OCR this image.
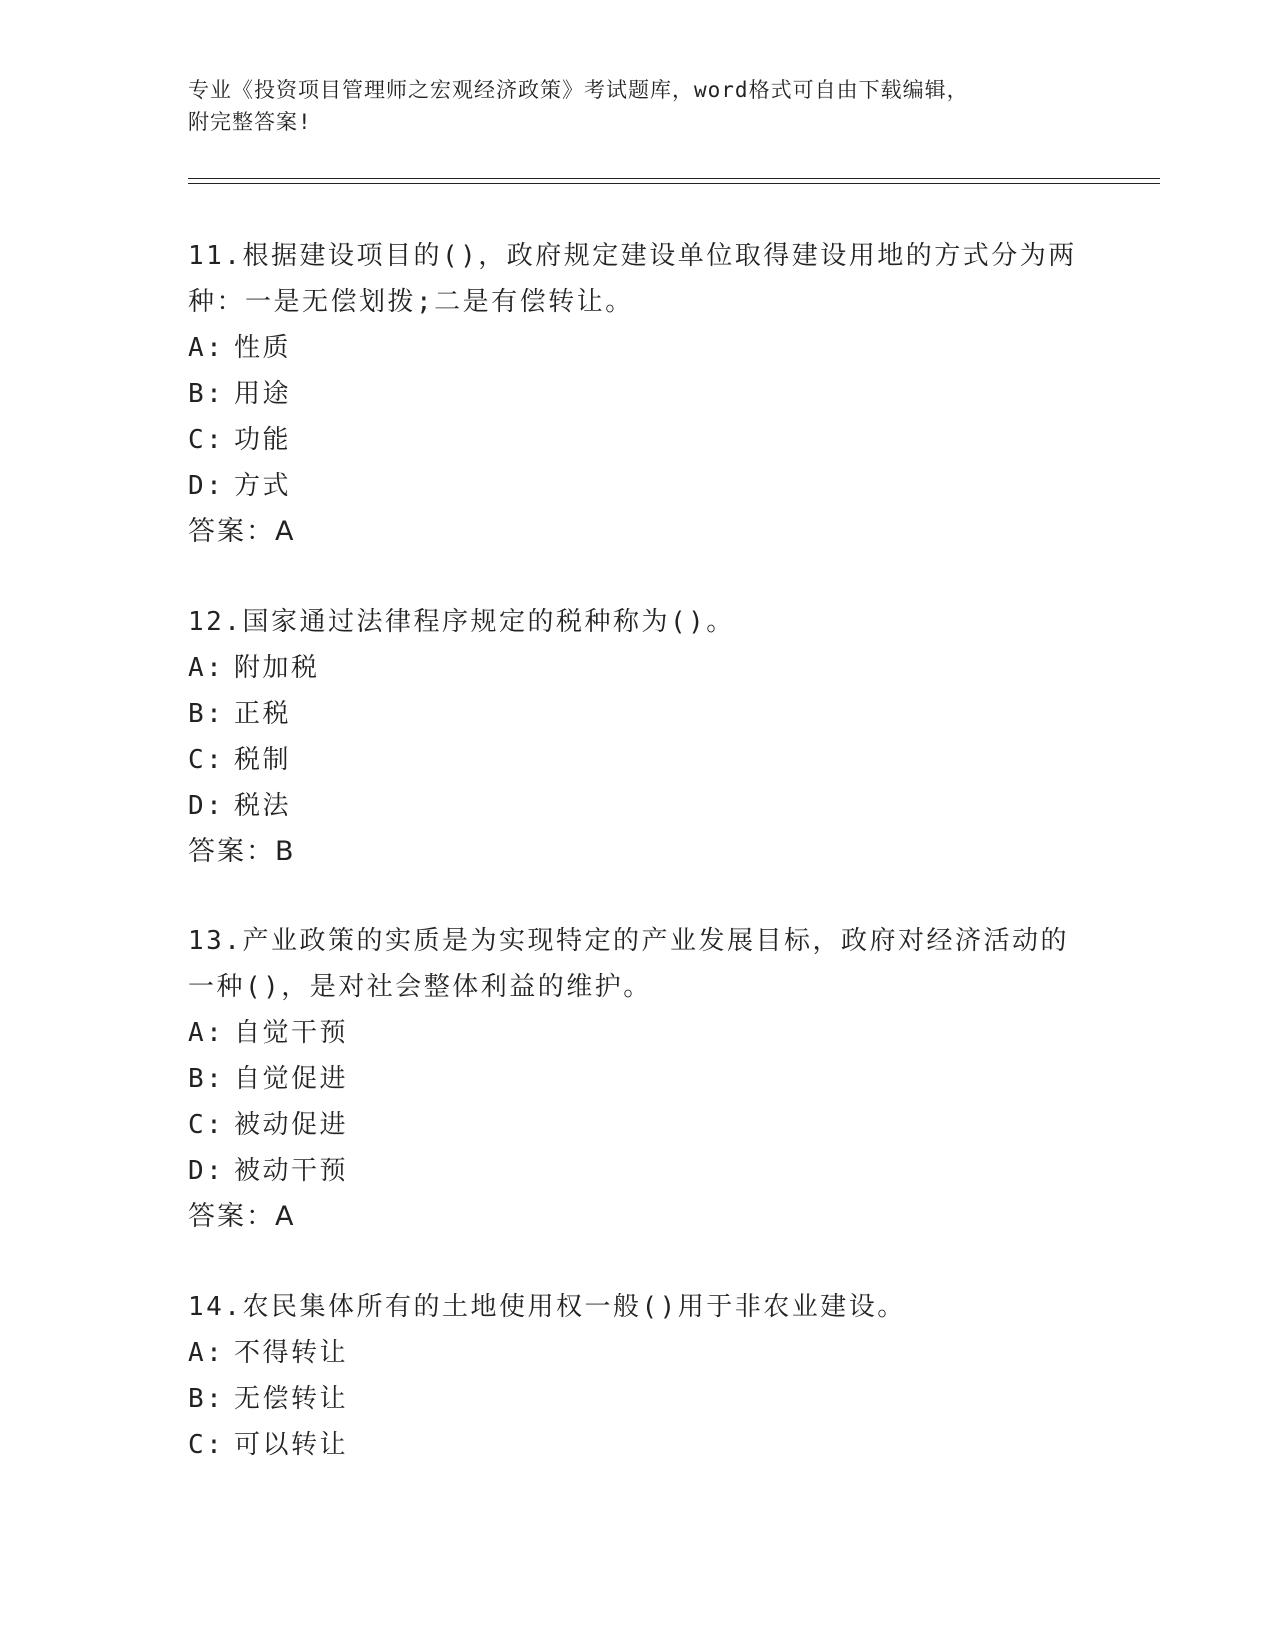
专业《投资项目管理师之宏观经济政策》考试题库，word格式可自由下载编辑，
附完整答案!
11.根据建设项目的()，政府规定建设单位取得建设用地的方式分为两
种：一是无偿划拨;二是有偿转让。
A: 性质
B: 用途
C: 功能
D: 方式
答案：A
12.国家通过法律程序规定的税种称为()。
A: 附加税
B: 正税
C: 税制
D: 税法
答案：B
13.产业政策的实质是为实现特定的产业发展目标，政府对经济活动的
一种()，是对社会整体利益的维护。
A: 自觉干预
B: 自觉促进
C: 被动促进
D: 被动干预
答案：A
14.农民集体所有的土地使用权一般()用于非农业建设。
A: 不得转让
B: 无偿转让
C: 可以转让
